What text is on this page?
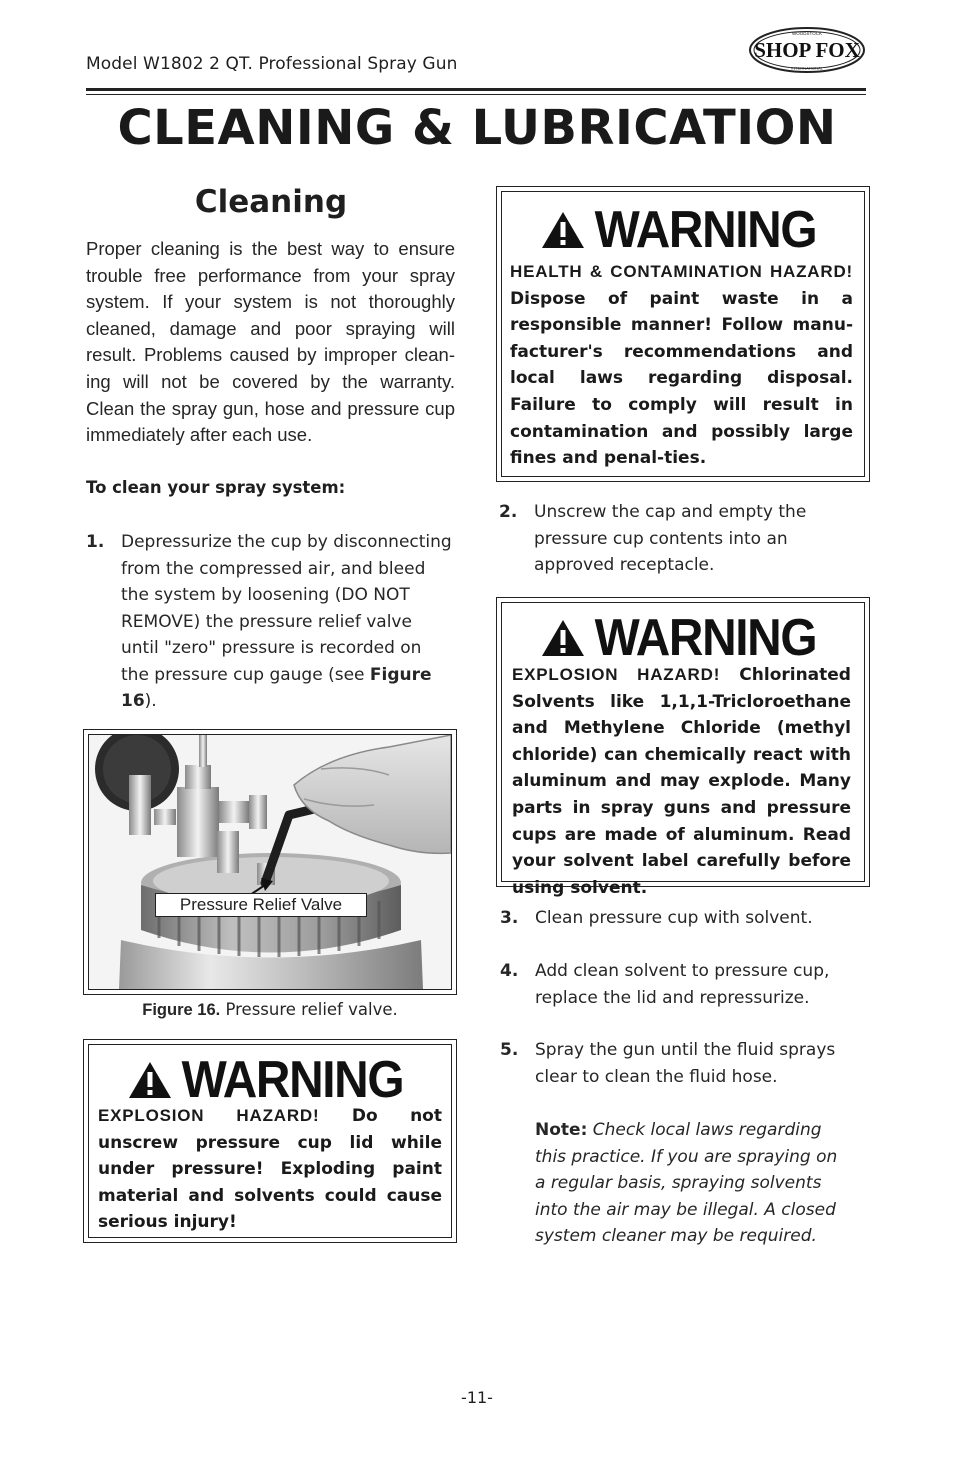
Model W1802 2 QT. Professional Spray Gun
SHOP FOX
WOODSTOCK
INTERNATIONAL
CLEANING & LUBRICATION
Cleaning
Proper cleaning is the best way to ensure trouble free performance from your spray system. If your system is not thoroughly cleaned, damage and poor spraying will result. Problems caused by improper clean-ing will not be covered by the warranty. Clean the spray gun, hose and pressure cup immediately after each use.
To clean your spray system:
1. Depressurize the cup by disconnecting
from the compressed air, and bleed
the system by loosening (DO NOT
REMOVE) the pressure relief valve
until "zero" pressure is recorded on
the pressure cup gauge (see Figure
16).
Pressure Relief Valve
Figure 16. Pressure relief valve.
WARNING
EXPLOSION HAZARD! Do not unscrew pressure cup lid while under pressure! Exploding paint material and solvents could cause serious injury!
WARNING
HEALTH & CONTAMINATION HAZARD! Dispose of paint waste in a responsible manner! Follow manu-facturer's recommendations and local laws regarding disposal. Failure to comply will result in contamination and possibly large fines and penal-ties.
2. Unscrew the cap and empty the
pressure cup contents into an
approved receptacle.
WARNING
EXPLOSION HAZARD! Chlorinated Solvents like 1,1,1-Tricloroethane and Methylene Chloride (methyl chloride) can chemically react with aluminum and may explode. Many parts in spray guns and pressure cups are made of aluminum. Read your solvent label carefully before using solvent.
3. Clean pressure cup with solvent.
4. Add clean solvent to pressure cup,
replace the lid and repressurize.
5. Spray the gun until the fluid sprays
clear to clean the fluid hose.
Note: Check local laws regarding
this practice. If you are spraying on
a regular basis, spraying solvents
into the air may be illegal. A closed
system cleaner may be required.
-11-
